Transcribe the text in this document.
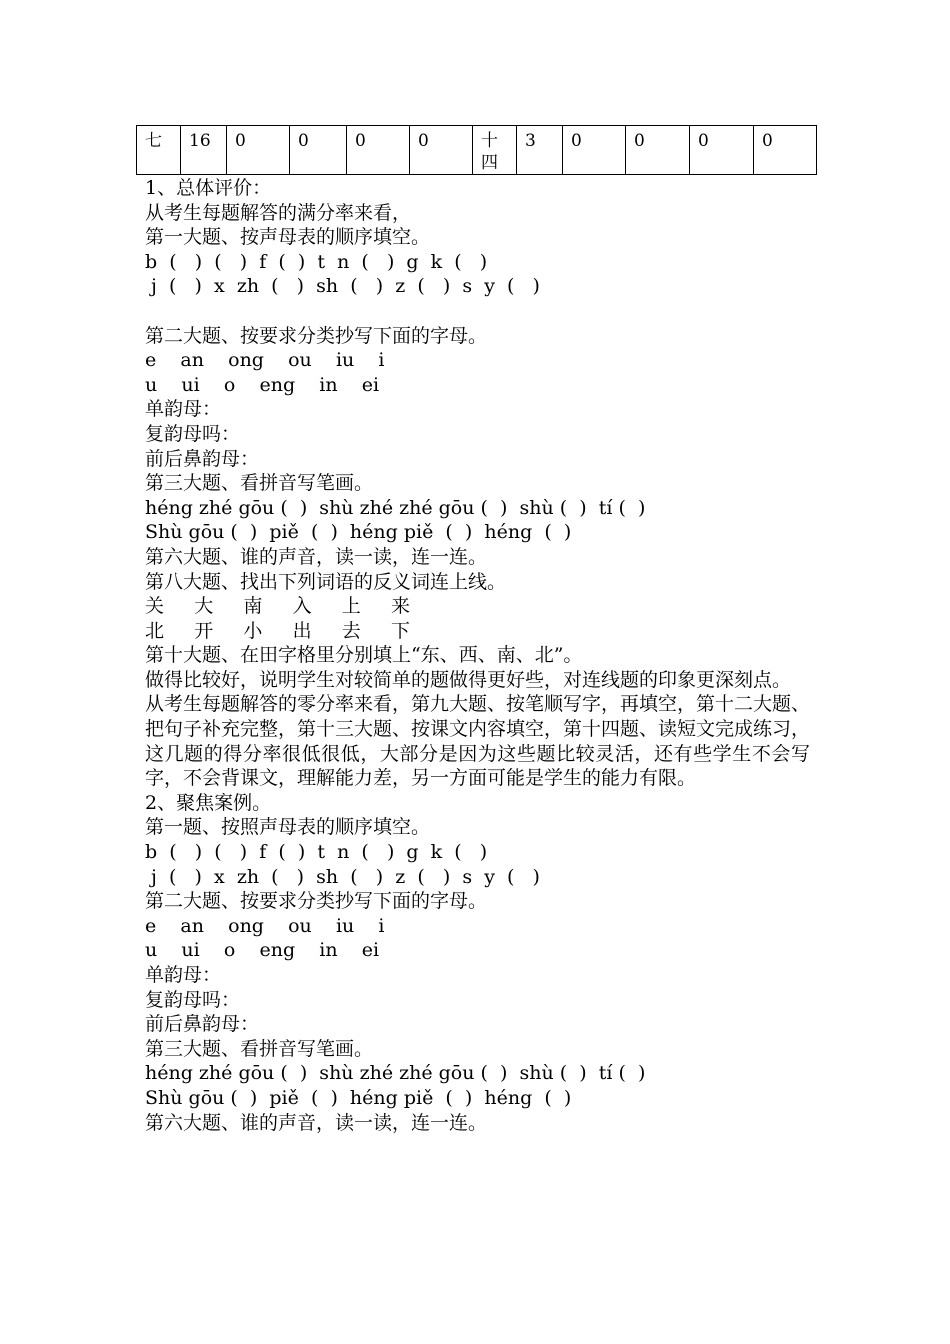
七	16	0	0	0	0	十四	3	0	0	0	0
1、总体评价：
从考生每题解答的满分率来看，
第一大题、按声母表的顺序填空。
b  (   )  (   )  f  (  )  t  n  (   )  g  k  (   )
j  (   )  x  zh  (   )  sh  (   )  z  (   )  s  y  (   )
第二大题、按要求分类抄写下面的字母。
e    an    ong    ou    iu    i
u    ui    o    eng    in    ei
单韵母：
复韵母吗：
前后鼻韵母：
第三大题、看拼音写笔画。
héng zhé gōu (  )  shù zhé zhé gōu (  )  shù (  )  tí (  )
Shù gōu (  )  piě  (  )  héng piě  (  )  héng  (  )
第六大题、谁的声音，读一读，连一连。
第八大题、找出下列词语的反义词连上线。
关     大     南     入     上     来
北     开     小     出     去     下
第十大题、在田字格里分别填上“东、西、南、北”。
做得比较好，说明学生对较简单的题做得更好些，对连线题的印象更深刻点。
从考生每题解答的零分率来看，第九大题、按笔顺写字，再填空，第十二大题、把句子补充完整，第十三大题、按课文内容填空，第十四题、读短文完成练习，这几题的得分率很低很低，大部分是因为这些题比较灵活，还有些学生不会写字，不会背课文，理解能力差，另一方面可能是学生的能力有限。
2、聚焦案例。
第一题、按照声母表的顺序填空。
b  (   )  (   )  f  (  )  t  n  (   )  g  k  (   )
j  (   )  x  zh  (   )  sh  (   )  z  (   )  s  y  (   )
第二大题、按要求分类抄写下面的字母。
e    an    ong    ou    iu    i
u    ui    o    eng    in    ei
单韵母：
复韵母吗：
前后鼻韵母：
第三大题、看拼音写笔画。
héng zhé gōu (  )  shù zhé zhé gōu (  )  shù (  )  tí (  )
Shù gōu (  )  piě  (  )  héng piě  (  )  héng  (  )
第六大题、谁的声音，读一读，连一连。
